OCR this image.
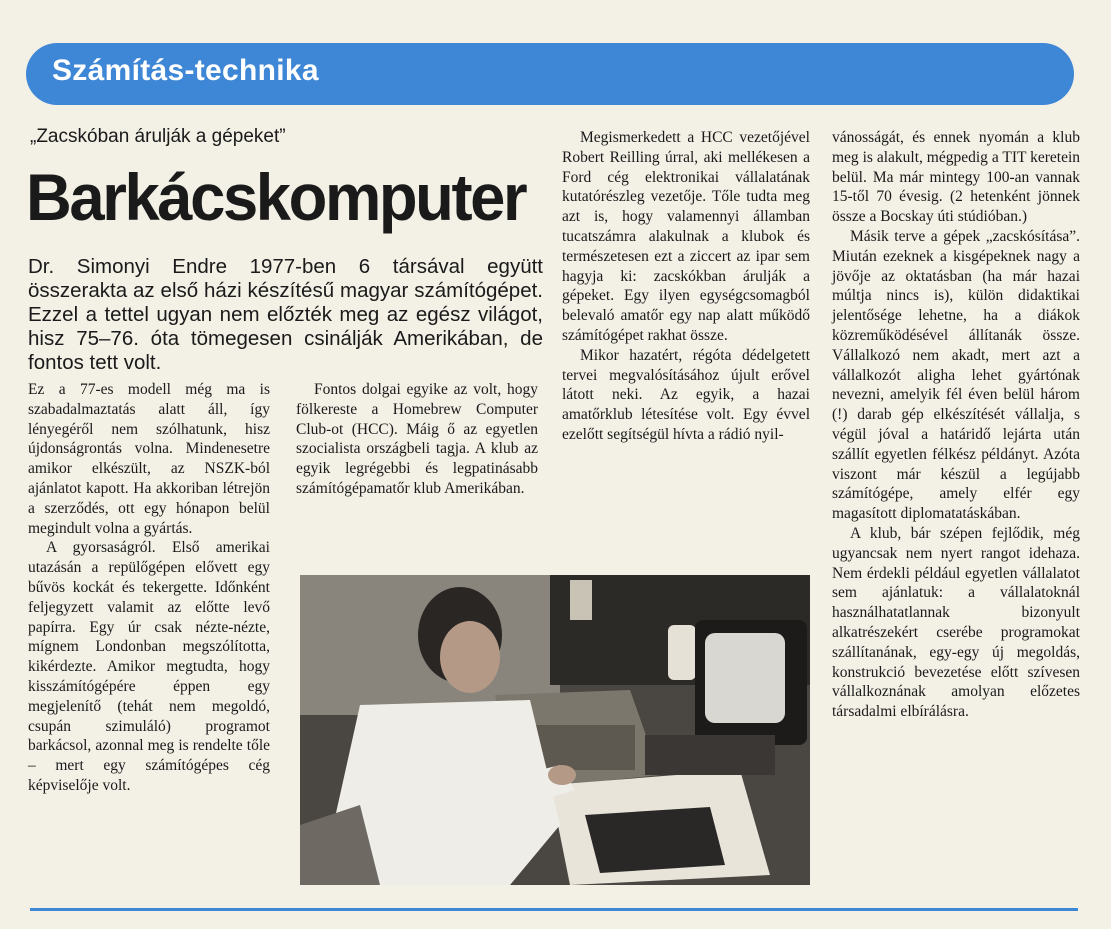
Számítás-technika
„Zacskóban árulják a gépeket”
Barkácskomputer
Dr. Simonyi Endre 1977-ben 6 társával együtt összerakta az első házi készítésű magyar számítógépet. Ezzel a tettel ugyan nem előzték meg az egész világot, hisz 75–76. óta tömegesen csinálják Amerikában, de fontos tett volt.

Ez a 77-es modell még ma is szabadalmaztatás alatt áll, így lényegéről nem szólhatunk, hisz újdonságrontás volna. Mindenesetre amikor elkészült, az NSZK-ból ajánlatot kapott. Ha akkoriban létrejön a szerződés, ott egy hónapon belül megindult volna a gyártás.

A gyorsaságról. Első amerikai utazásán a repülőgépen elővett egy bűvös kockát és tekergette. Időnként feljegyzett valamit az előtte levő papírra. Egy úr csak nézte-nézte, mígnem Londonban megszólította, kikérdezte. Amikor megtudta, hogy kisszámítógépére éppen egy megjelenítő (tehát nem megoldó, csupán szimuláló) programot barkácsol, azonnal meg is rendelte tőle – mert egy számítógépes cég képviselője volt.

Fontos dolgai egyike az volt, hogy fölkereste a Homebrew Computer Club-ot (HCC). Máig ő az egyetlen szocialista országbeli tagja. A klub az egyik legrégebbi és legpatinásabb számítógépamatőr klub Amerikában.

Megismerkedett a HCC vezetőjével Robert Reilling úrral, aki mellékesen a Ford cég elektronikai vállalatának kutatórészleg vezetője. Tőle tudta meg azt is, hogy valamennyi államban tucatszámra alakulnak a klubok és természetesen ezt a ziccert az ipar sem hagyja ki: zacskókban árulják a gépeket. Egy ilyen egységcsomagból belevaló amatőr egy nap alatt működő számítógépet rakhat össze.

Mikor hazatért, régóta dédelgetett tervei megvalósításához újult erővel látott neki. Az egyik, a hazai amatőrklub létesítése volt. Egy évvel ezelőtt segítségül hívta a rádió nyil-

vánosságát, és ennek nyomán a klub meg is alakult, mégpedig a TIT keretein belül. Ma már mintegy 100-an vannak 15-től 70 évesig. (2 hetenként jönnek össze a Bocskay úti stúdióban.)

Másik terve a gépek „zacskósítása”. Miután ezeknek a kisgépeknek nagy a jövője az oktatásban (ha már hazai múltja nincs is), külön didaktikai jelentősége lehetne, ha a diákok közreműködésével állítanák össze. Vállalkozó nem akadt, mert azt a vállalkozót aligha lehet gyártónak nevezni, amelyik fél éven belül három (!) darab gép elkészítését vállalja, s végül jóval a határidő lejárta után szállít egyetlen félkész példányt. Azóta viszont már készül a legújabb számítógépe, amely elfér egy magasított diplomatatáskában.

A klub, bár szépen fejlődik, még ugyancsak nem nyert rangot idehaza. Nem érdekli például egyetlen vállalatot sem ajánlatuk: a vállalatoknál használhatatlannak bizonyult alkatrészekért cserébe programokat szállítanának, egy-egy új megoldás, konstrukció bevezetése előtt szívesen vállalkoznának amolyan előzetes társadalmi elbírálásra.
